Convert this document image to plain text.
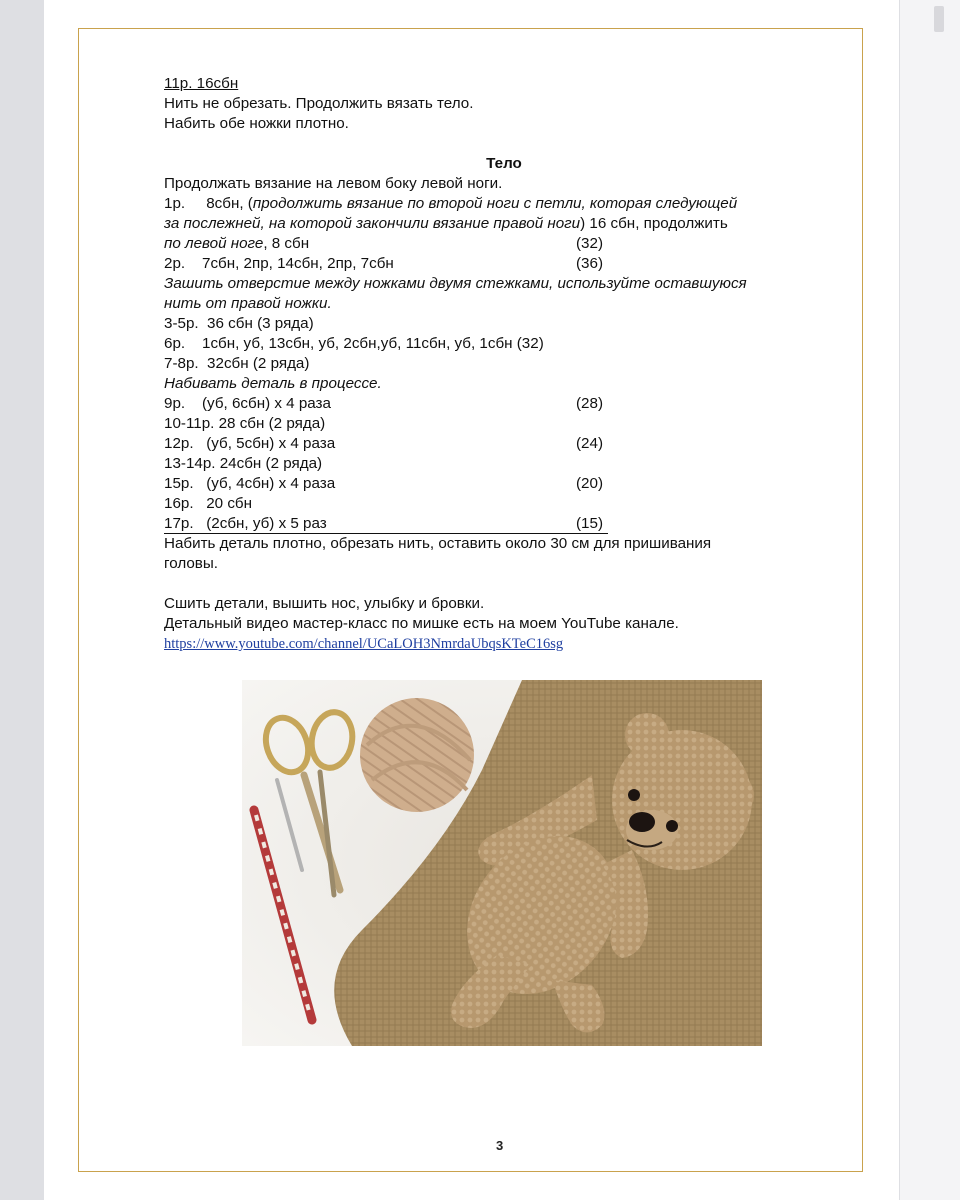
11р. 16сбн
Нить не обрезать. Продолжить вязать тело.
Набить обе ножки плотно.
Тело
Продолжать вязание на левом боку левой ноги.
1р. 8сбн, (продолжить вязание по второй ноги с петли, которая следующей
за послежней, на которой закончили вязание правой ноги) 16 сбн, продолжить
по левой ноге, 8 сбн	(32)
2р.    7сбн, 2пр, 14сбн, 2пр, 7сбн	(36)
Зашить отверстие между ножками двумя стежками, используйте оставшуюся
нить от правой ножки.
3-5р.  36 сбн (3 ряда)
6р.    1сбн, уб, 13сбн, уб, 2сбн,уб, 11сбн, уб, 1сбн (32)
7-8р.  32сбн (2 ряда)
Набивать деталь в процессе.
9р.    (уб, 6сбн) х 4 раза	(28)
10-11р. 28 сбн (2 ряда)
12р.   (уб, 5сбн) х 4 раза	(24)
13-14р. 24сбн (2 ряда)
15р.   (уб, 4сбн) х 4 раза	(20)
16р.   20 сбн
17р.   (2сбн, уб) х 5 раз	(15)
Набить деталь плотно, обрезать нить, оставить около 30 см для пришивания
головы.
Сшить детали, вышить нос, улыбку и бровки.
Детальный видео мастер-класс по мишке есть на моем YouTube канале.
https://www.youtube.com/channel/UCaLOH3NmrdaUbqsKTeC16sg
3
